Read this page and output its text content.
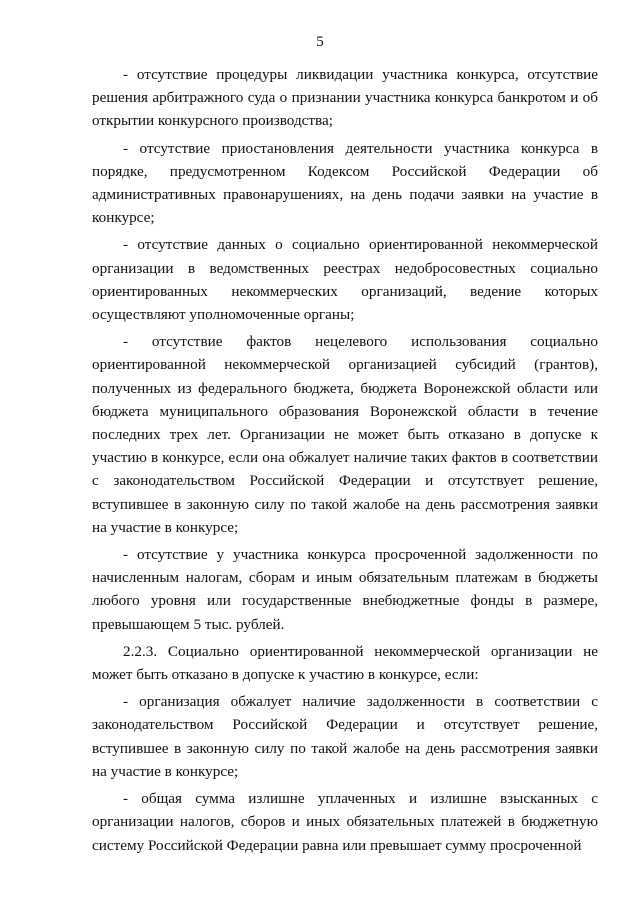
5

- отсутствие процедуры ликвидации участника конкурса, отсутствие решения арбитражного суда о признании участника конкурса банкротом и об открытии конкурсного производства;

- отсутствие приостановления деятельности участника конкурса в порядке, предусмотренном Кодексом Российской Федерации об административных правонарушениях, на день подачи заявки на участие в конкурсе;

- отсутствие данных о социально ориентированной некоммерческой организации в ведомственных реестрах недобросовестных социально ориентированных некоммерческих организаций, ведение которых осуществляют уполномоченные органы;

- отсутствие фактов нецелевого использования социально ориентированной некоммерческой организацией субсидий (грантов), полученных из федерального бюджета, бюджета Воронежской области или бюджета муниципального образования Воронежской области в течение последних трех лет. Организации не может быть отказано в допуске к участию в конкурсе, если она обжалует наличие таких фактов в соответствии с законодательством Российской Федерации и отсутствует решение, вступившее в законную силу по такой жалобе на день рассмотрения заявки на участие в конкурсе;

- отсутствие у участника конкурса просроченной задолженности по начисленным налогам, сборам и иным обязательным платежам в бюджеты любого уровня или государственные внебюджетные фонды в размере, превышающем 5 тыс. рублей.

2.2.3. Социально ориентированной некоммерческой организации не может быть отказано в допуске к участию в конкурсе, если:

- организация обжалует наличие задолженности в соответствии с законодательством Российской Федерации и отсутствует решение, вступившее в законную силу по такой жалобе на день рассмотрения заявки на участие в конкурсе;

- общая сумма излишне уплаченных и излишне взысканных с организации налогов, сборов и иных обязательных платежей в бюджетную систему Российской Федерации равна или превышает сумму просроченной
